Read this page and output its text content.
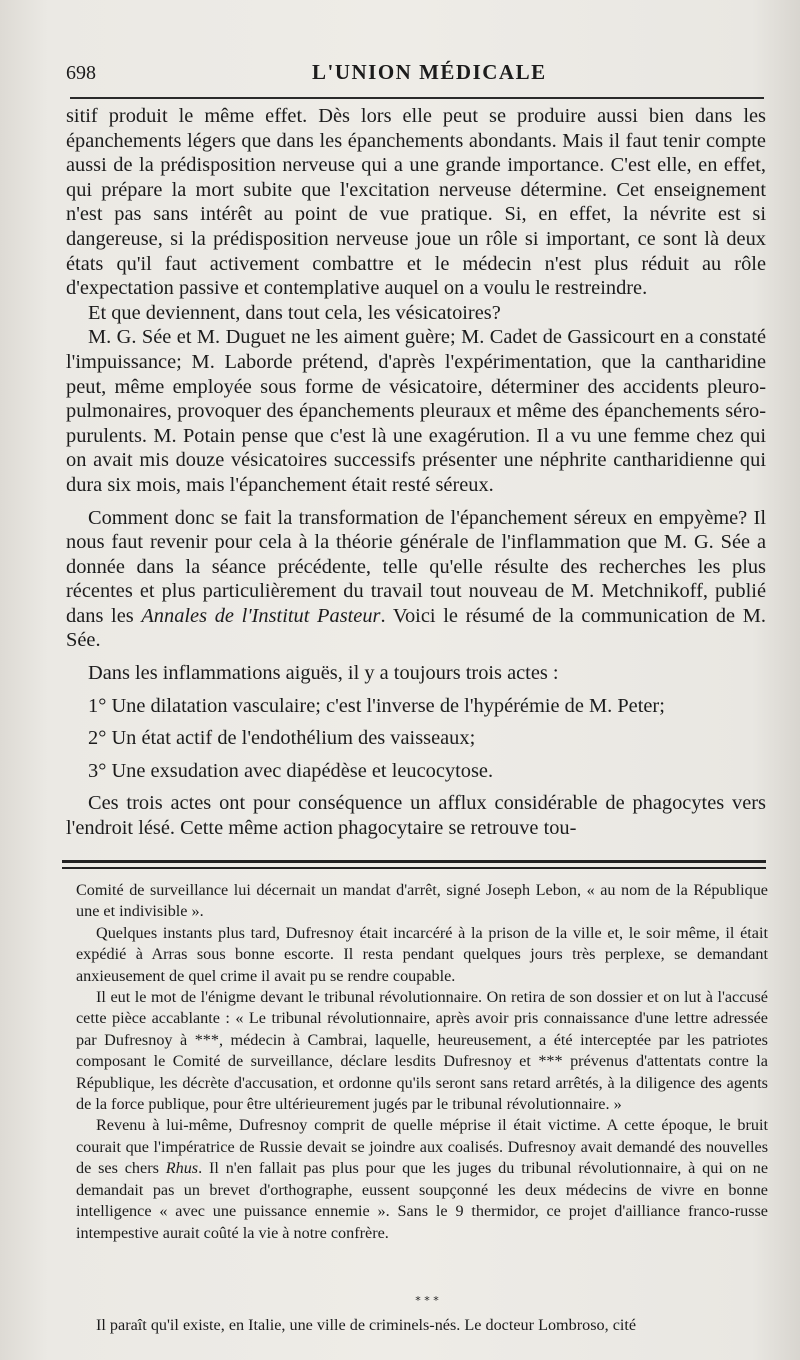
698	L'UNION MÉDICALE

sitif produit le même effet. Dès lors elle peut se produire aussi bien dans les épanchements légers que dans les épanchements abondants. Mais il faut tenir compte aussi de la prédisposition nerveuse qui a une grande importance. C'est elle, en effet, qui prépare la mort subite que l'excitation nerveuse détermine. Cet enseignement n'est pas sans intérêt au point de vue pratique. Si, en effet, la névrite est si dangereuse, si la prédisposition nerveuse joue un rôle si important, ce sont là deux états qu'il faut activement combattre et le médecin n'est plus réduit au rôle d'expectation passive et contemplative auquel on a voulu le restreindre.

Et que deviennent, dans tout cela, les vésicatoires?

M. G. Sée et M. Duguet ne les aiment guère; M. Cadet de Gassicourt en a constaté l'impuissance; M. Laborde prétend, d'après l'expérimentation, que la cantharidine peut, même employée sous forme de vésicatoire, déterminer des accidents pleuro-pulmonaires, provoquer des épanchements pleuraux et même des épanchements séro-purulents. M. Potain pense que c'est là une exagérution. Il a vu une femme chez qui on avait mis douze vésicatoires successifs présenter une néphrite cantharidienne qui dura six mois, mais l'épanchement était resté séreux.

Comment donc se fait la transformation de l'épanchement séreux en empyème? Il nous faut revenir pour cela à la théorie générale de l'inflammation que M. G. Sée a donnée dans la séance précédente, telle qu'elle résulte des recherches les plus récentes et plus particulièrement du travail tout nouveau de M. Metchnikoff, publié dans les Annales de l'Institut Pasteur. Voici le résumé de la communication de M. Sée.

Dans les inflammations aiguës, il y a toujours trois actes :

1° Une dilatation vasculaire; c'est l'inverse de l'hypérémie de M. Peter;

2° Un état actif de l'endothélium des vaisseaux;

3° Une exsudation avec diapédèse et leucocytose.

Ces trois actes ont pour conséquence un afflux considérable de phagocytes vers l'endroit lésé. Cette même action phagocytaire se retrouve tou-

Comité de surveillance lui décernait un mandat d'arrêt, signé Joseph Lebon, « au nom de la République une et indivisible ».

Quelques instants plus tard, Dufresnoy était incarcéré à la prison de la ville et, le soir même, il était expédié à Arras sous bonne escorte. Il resta pendant quelques jours très perplexe, se demandant anxieusement de quel crime il avait pu se rendre coupable.

Il eut le mot de l'énigme devant le tribunal révolutionnaire. On retira de son dossier et on lut à l'accusé cette pièce accablante : « Le tribunal révolutionnaire, après avoir pris connaissance d'une lettre adressée par Dufresnoy à ***, médecin à Cambrai, laquelle, heureusement, a été interceptée par les patriotes composant le Comité de surveillance, déclare lesdits Dufresnoy et *** prévenus d'attentats contre la République, les décrète d'accusation, et ordonne qu'ils seront sans retard arrêtés, à la diligence des agents de la force publique, pour être ultérieurement jugés par le tribunal révolutionnaire. »

Revenu à lui-même, Dufresnoy comprit de quelle méprise il était victime. A cette époque, le bruit courait que l'impératrice de Russie devait se joindre aux coalisés. Dufresnoy avait demandé des nouvelles de ses chers Rhus. Il n'en fallait pas plus pour que les juges du tribunal révolutionnaire, à qui on ne demandait pas un brevet d'orthographe, eussent soupçonné les deux médecins de vivre en bonne intelligence « avec une puissance ennemie ». Sans le 9 thermidor, ce projet d'ailliance franco-russe intempestive aurait coûté la vie à notre confrère.

* * *
Il paraît qu'il existe, en Italie, une ville de criminels-nés. Le docteur Lombroso, cité
